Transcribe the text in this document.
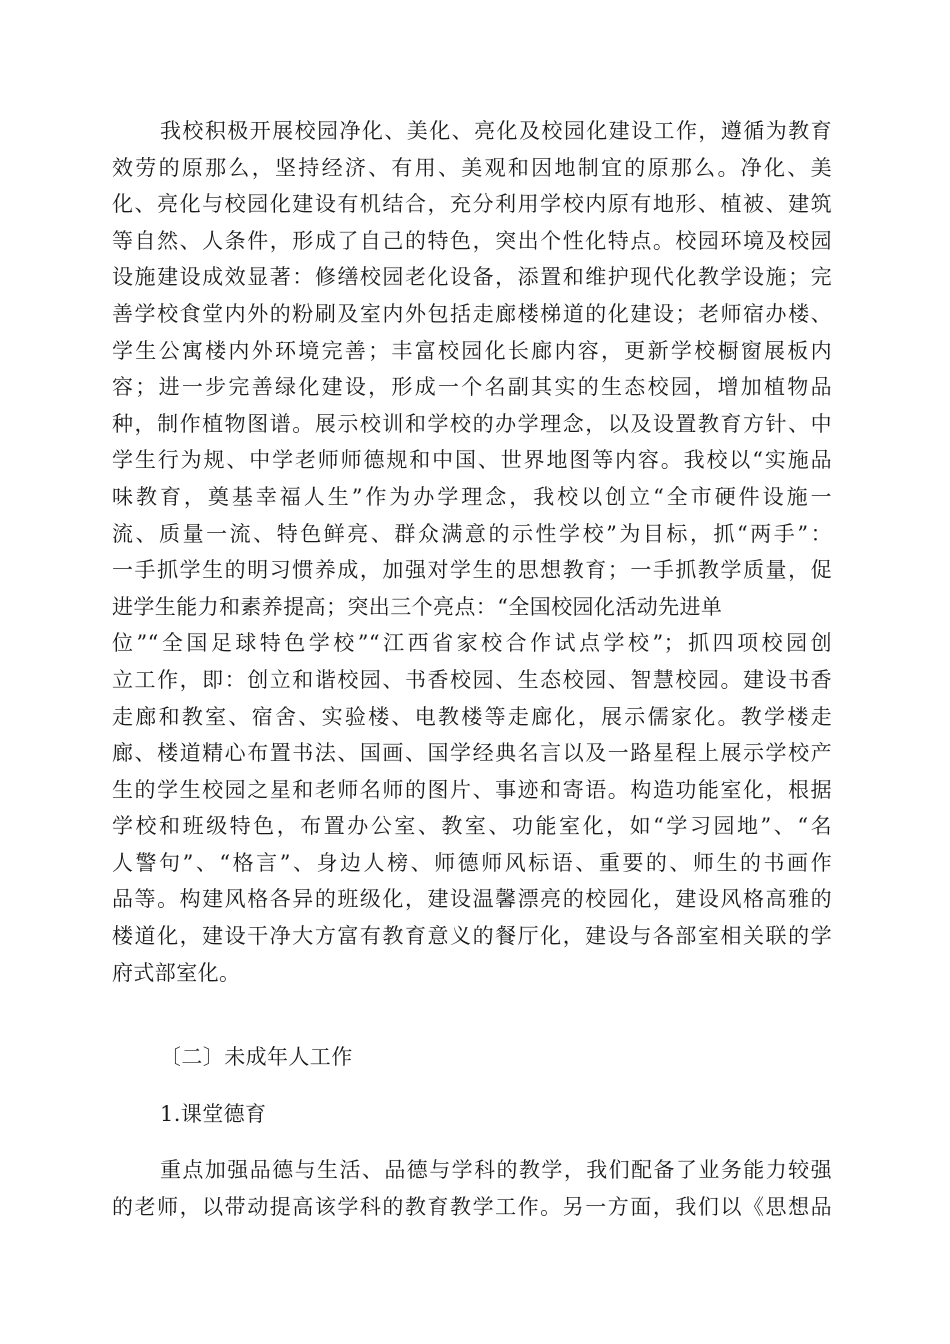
我校积极开展校园净化、美化、亮化及校园化建设工作，遵循为教育
效劳的原那么，坚持经济、有用、美观和因地制宜的原那么。净化、美
化、亮化与校园化建设有机结合，充分利用学校内原有地形、植被、建筑
等自然、人条件，形成了自己的特色，突出个性化特点。校园环境及校园
设施建设成效显著：修缮校园老化设备，添置和维护现代化教学设施；完
善学校食堂内外的粉刷及室内外包括走廊楼梯道的化建设；老师宿办楼、
学生公寓楼内外环境完善；丰富校园化长廊内容，更新学校橱窗展板内
容；进一步完善绿化建设，形成一个名副其实的生态校园，增加植物品
种，制作植物图谱。展示校训和学校的办学理念，以及设置教育方针、中
学生行为规、中学老师师德规和中国、世界地图等内容。我校以“实施品
味教育，奠基幸福人生”作为办学理念，我校以创立“全市硬件设施一
流、质量一流、特色鲜亮、群众满意的示性学校”为目标，抓“两手”：
一手抓学生的明习惯养成，加强对学生的思想教育；一手抓教学质量，促
进学生能力和素养提高；突出三个亮点：“全国校园化活动先进单
位”“全国足球特色学校”“江西省家校合作试点学校”；抓四项校园创
立工作，即：创立和谐校园、书香校园、生态校园、智慧校园。建设书香
走廊和教室、宿舍、实验楼、电教楼等走廊化，展示儒家化。教学楼走
廊、楼道精心布置书法、国画、国学经典名言以及一路星程上展示学校产
生的学生校园之星和老师名师的图片、事迹和寄语。构造功能室化，根据
学校和班级特色，布置办公室、教室、功能室化，如“学习园地”、“名
人警句”、“格言”、身边人榜、师德师风标语、重要的、师生的书画作
品等。构建风格各异的班级化，建设温馨漂亮的校园化，建设风格高雅的
楼道化，建设干净大方富有教育意义的餐厅化，建设与各部室相关联的学
府式部室化。
〔二〕未成年人工作
1.课堂德育
重点加强品德与生活、品德与学科的教学，我们配备了业务能力较强
的老师，以带动提高该学科的教育教学工作。另一方面，我们以《思想品
